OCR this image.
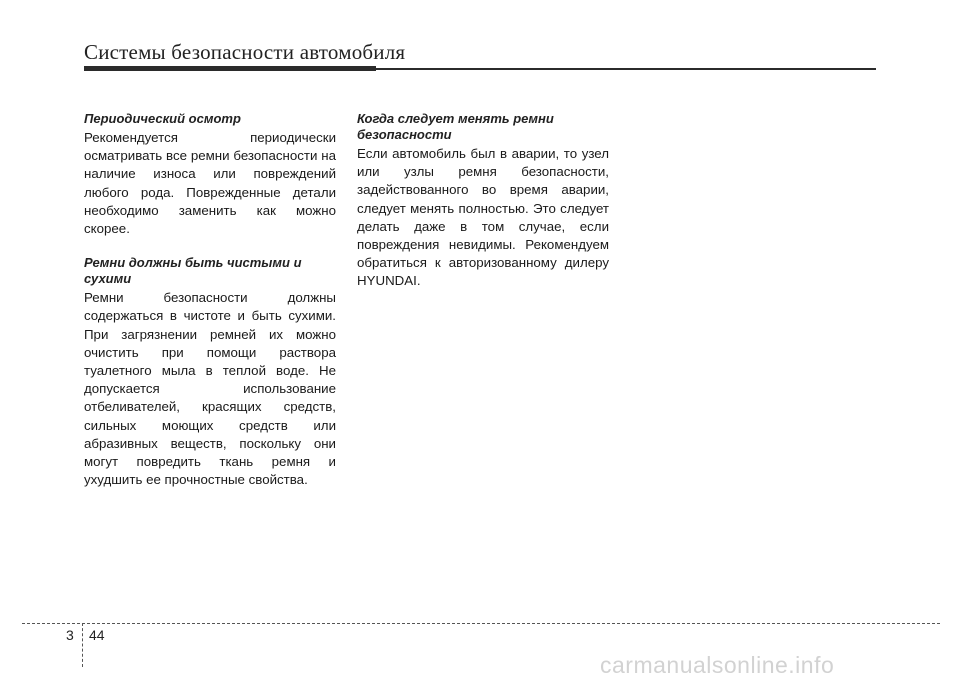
Системы безопасности автомобиля
Периодический осмотр

Рекомендуется периодически осматривать все ремни безопасности на наличие износа или повреждений любого рода. Поврежденные детали необходимо заменить как можно скорее.

Ремни должны быть чистыми и сухими

Ремни безопасности должны содержаться в чистоте и быть сухими. При загрязнении ремней их можно очистить при помощи раствора туалетного мыла в теплой воде. Не допускается использование отбеливателей, красящих средств, сильных моющих средств или абразивных веществ, поскольку они могут повредить ткань ремня и ухудшить ее прочностные свойства.

Когда следует менять ремни безопасности

Если автомобиль был в аварии, то узел или узлы ремня безопасности, задействованного во время аварии, следует менять полностью. Это следует делать даже в том случае, если повреждения невидимы. Рекомендуем обратиться к авторизованному дилеру HYUNDAI.

3 44
carmanualsonline.info
